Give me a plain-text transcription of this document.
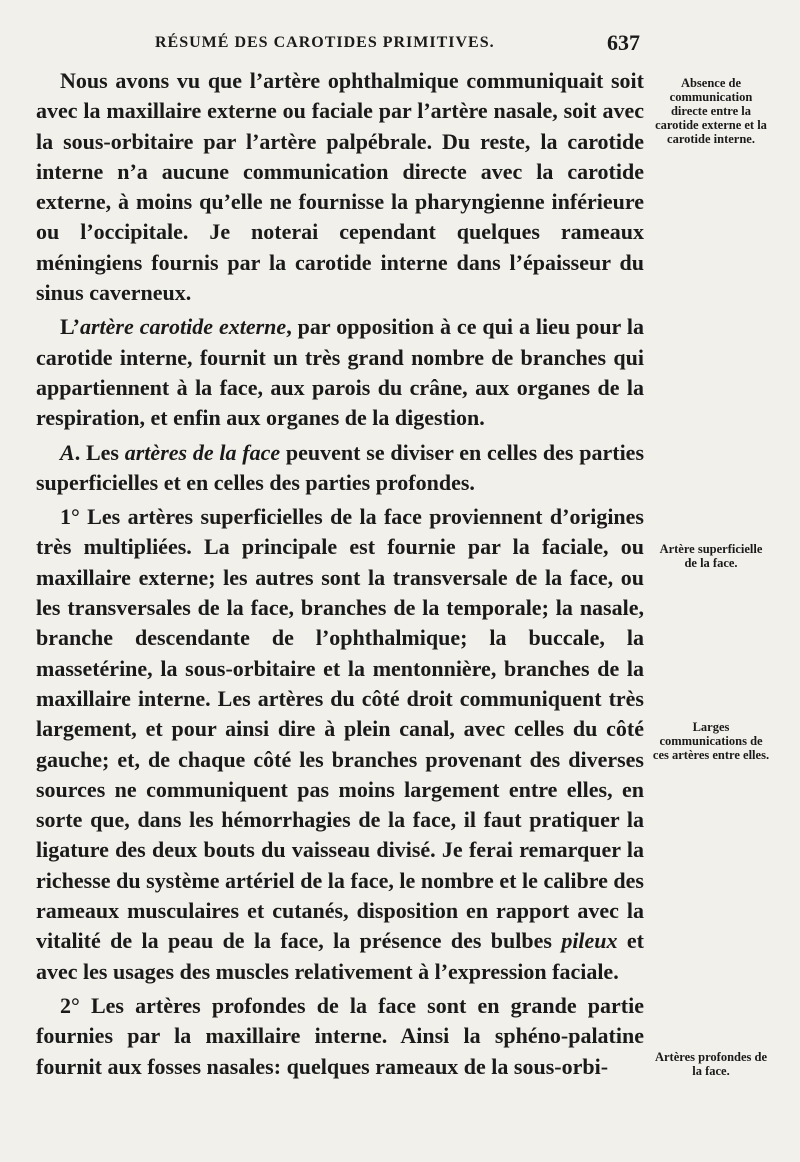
RÉSUMÉ DES CAROTIDES PRIMITIVES.	637

Nous avons vu que l’artère ophthalmique communiquait soit avec la maxillaire externe ou faciale par l’artère nasale, soit avec la sous-orbitaire par l’artère palpébrale. Du reste, la carotide interne n’a aucune communication directe avec la carotide externe, à moins qu’elle ne fournisse la pharyngienne inférieure ou l’occipitale. Je noterai cependant quelques rameaux méningiens fournis par la carotide interne dans l’épaisseur du sinus caverneux.

L’artère carotide externe, par opposition à ce qui a lieu pour la carotide interne, fournit un très grand nombre de branches qui appartiennent à la face, aux parois du crâne, aux organes de la respiration, et enfin aux organes de la digestion.

A. Les artères de la face peuvent se diviser en celles des parties superficielles et en celles des parties profondes.

1° Les artères superficielles de la face proviennent d’origines très multipliées. La principale est fournie par la faciale, ou maxillaire externe; les autres sont la transversale de la face, ou les transversales de la face, branches de la temporale; la nasale, branche descendante de l’ophthalmique; la buccale, la massetérine, la sous-orbitaire et la mentonnière, branches de la maxillaire interne. Les artères du côté droit communiquent très largement, et pour ainsi dire à plein canal, avec celles du côté gauche; et, de chaque côté les branches provenant des diverses sources ne communiquent pas moins largement entre elles, en sorte que, dans les hémorrhagies de la face, il faut pratiquer la ligature des deux bouts du vaisseau divisé. Je ferai remarquer la richesse du système artériel de la face, le nombre et le calibre des rameaux musculaires et cutanés, disposition en rapport avec la vitalité de la peau de la face, la présence des bulbes pileux et avec les usages des muscles relativement à l’expression faciale.

2° Les artères profondes de la face sont en grande partie fournies par la maxillaire interne. Ainsi la sphéno-palatine fournit aux fosses nasales: quelques rameaux de la sous-orbi-

Absence de communication directe entre la carotide externe et la carotide interne.
Artère superficielle de la face.
Larges communications de ces artères entre elles.
Artères profondes de la face.
